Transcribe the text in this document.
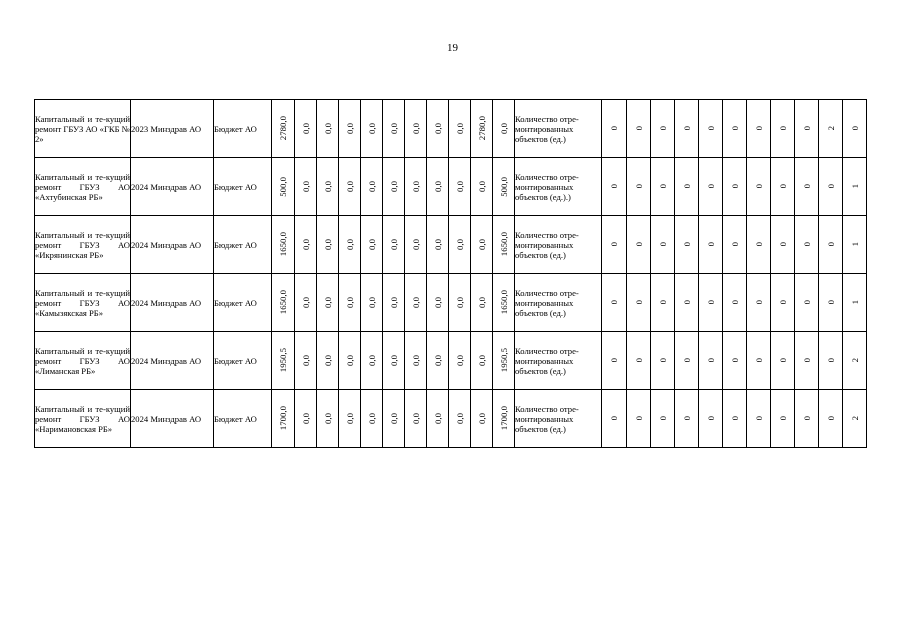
19
Капитальный и те-кущий ремонт ГБУЗ АО «ГКБ № 2»	2023 Минздрав АО	Бюджет АО	2780,0	0,0	0,0	0,0	0,0	0,0	0,0	0,0	0,0	2780,0	0,0	Количество отре-монтированных объектов (ед.)	0	0	0	0	0	0	0	0	0	2	0

Капитальный и те-кущий ремонт ГБУЗ АО «Ахтубинская РБ»	2024 Минздрав АО	Бюджет АО	500,0	0,0	0,0	0,0	0,0	0,0	0,0	0,0	0,0	0,0	500,0	Количество отре-монтированных объектов (ед.).)	0	0	0	0	0	0	0	0	0	0	1

Капитальный и те-кущий ремонт ГБУЗ АО «Икрянинская РБ»	2024 Минздрав АО	Бюджет АО	1650,0	0,0	0,0	0,0	0,0	0,0	0,0	0,0	0,0	0,0	1650,0	Количество отре-монтированных объектов (ед.)	0	0	0	0	0	0	0	0	0	0	1

Капитальный и те-кущий ремонт ГБУЗ АО «Камызякская РБ»	2024 Минздрав АО	Бюджет АО	1650,0	0,0	0,0	0,0	0,0	0,0	0,0	0,0	0,0	0,0	1650,0	Количество отре-монтированных объектов (ед.)	0	0	0	0	0	0	0	0	0	0	1

Капитальный и те-кущий ремонт ГБУЗ АО «Лиманская РБ»	2024 Минздрав АО	Бюджет АО	1950,5	0,0	0,0	0,0	0,0	0,0	0,0	0,0	0,0	0,0	1950,5	Количество отре-монтированных объектов (ед.)	0	0	0	0	0	0	0	0	0	0	2

Капитальный и те-кущий ремонт ГБУЗ АО «Наримановская РБ»	2024 Минздрав АО	Бюджет АО	1700,0	0,0	0,0	0,0	0,0	0,0	0,0	0,0	0,0	0,0	1700,0	Количество отре-монтированных объектов (ед.)	0	0	0	0	0	0	0	0	0	0	2
